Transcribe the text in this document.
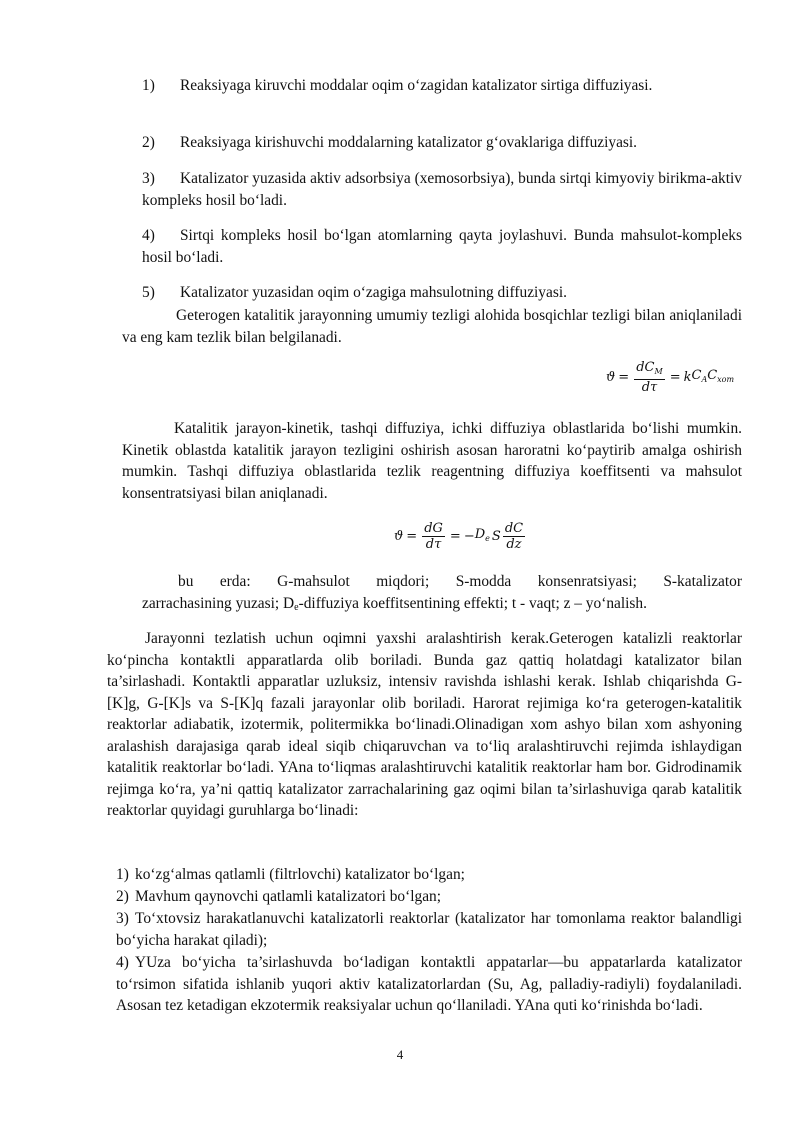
1) Reaksiyaga kiruvchi moddalar oqim o‘zagidan katalizator sirtiga diffuziyasi.

2) Reaksiyaga kirishuvchi moddalarning katalizator g‘ovaklariga diffuziyasi.

3) Katalizator yuzasida aktiv adsorbsiya (xemosorbsiya), bunda sirtqi kimyoviy birikma-aktiv kompleks hosil bo‘ladi.

4) Sirtqi kompleks hosil bo‘lgan atomlarning qayta joylashuvi. Bunda mahsulot-kompleks hosil bo‘ladi.

5) Katalizator yuzasidan oqim o‘zagiga mahsulotning diffuziyasi.

Geterogen katalitik jarayonning umumiy tezligi alohida bosqichlar tezligi bilan aniqlaniladi va eng kam tezlik bilan belgilanadi.

$ϑ = \frac{dC_M}{d\tau} = k$ $C_A$ $C_{xom}$

Katalitik jarayon-kinetik, tashqi diffuziya, ichki diffuziya oblastlarida bo‘lishi mumkin. Kinetik oblastda katalitik jarayon tezligini oshirish asosan haroratni ko‘paytirib amalga oshirish mumkin. Tashqi diffuziya oblastlarida tezlik reagentning diffuziya koeffitsenti va mahsulot konsentratsiyasi bilan aniqlanadi.

$ϑ = \frac{dG}{d\tau}$ = − $D_e$ S $\frac{dC}{dz}$

bu erda: G-mahsulot miqdori; S-modda konsenratsiyasi; S-katalizator
zarrachasining yuzasi; $D_e$-diffuziya koeffitsentining effekti; t - vaqt; z – yo‘nalish.

Jarayonni tezlatish uchun oqimni yaxshi aralashtirish kerak.Geterogen katalizli reaktorlar ko‘pincha kontaktli apparatlarda olib boriladi. Bunda gaz qattiq holatdagi katalizator bilan ta’sirlashadi. Kontaktli apparatlar uzluksiz, intensiv ravishda ishlashi kerak. Ishlab chiqarishda G-[K]g, G-[K]s va S-[K]q fazali jarayonlar olib boriladi. Harorat rejimiga ko‘ra geterogen-katalitik reaktorlar adiabatik, izotermik, politermikka bo‘linadi.Olinadigan xom ashyo bilan xom ashyoning aralashish darajasiga qarab ideal siqib chiqaruvchan va to‘liq aralashtiruvchi rejimda ishlaydigan katalitik reaktorlar bo‘ladi. YAna to‘liqmas aralashtiruvchi katalitik reaktorlar ham bor. Gidrodinamik rejimga ko‘ra, ya’ni qattiq katalizator zarrachalarining gaz oqimi bilan ta’sirlashuviga qarab katalitik reaktorlar quyidagi guruhlarga bo‘linadi:

1) ko‘zg‘almas qatlamli (filtrlovchi) katalizator bo‘lgan;

2) Mavhum qaynovchi qatlamli katalizatori bo‘lgan;

3) To‘xtovsiz harakatlanuvchi katalizatorli reaktorlar (katalizator har tomonlama reaktor balandligi bo‘yicha harakat qiladi);

4) YUza bo‘yicha ta’sirlashuvda bo‘ladigan kontaktli appatarlar—bu appatarlarda katalizator to‘rsimon sifatida ishlanib yuqori aktiv katalizatorlardan (Su, Ag, palladiy-radiyli) foydalaniladi. Asosan tez ketadigan ekzotermik reaksiyalar uchun qo‘llaniladi. YAna quti ko‘rinishda bo‘ladi.

4
